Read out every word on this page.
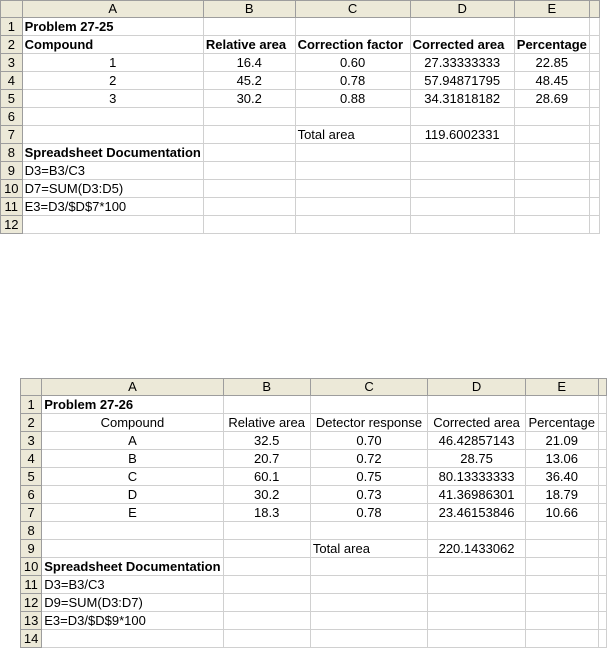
	A	B	C	D	E	
1	Problem 27-25					
2	Compound	Relative area	Correction factor	Corrected area	Percentage	
3	1	16.4	0.60	27.33333333	22.85	
4	2	45.2	0.78	57.94871795	48.45	
5	3	30.2	0.88	34.31818182	28.69	
6						
7			Total area	119.6002331		
8	Spreadsheet Documentation					
9	D3=B3/C3					
10	D7=SUM(D3:D5)					
11	E3=D3/$D$7*100					
12						
	A	B	C	D	E	
1	Problem 27-26					
2	Compound	Relative area	Detector response	Corrected area	Percentage	
3	A	32.5	0.70	46.42857143	21.09	
4	B	20.7	0.72	28.75	13.06	
5	C	60.1	0.75	80.13333333	36.40	
6	D	30.2	0.73	41.36986301	18.79	
7	E	18.3	0.78	23.46153846	10.66	
8						
9			Total area	220.1433062		
10	Spreadsheet Documentation					
11	D3=B3/C3					
12	D9=SUM(D3:D7)					
13	E3=D3/$D$9*100					
14						
